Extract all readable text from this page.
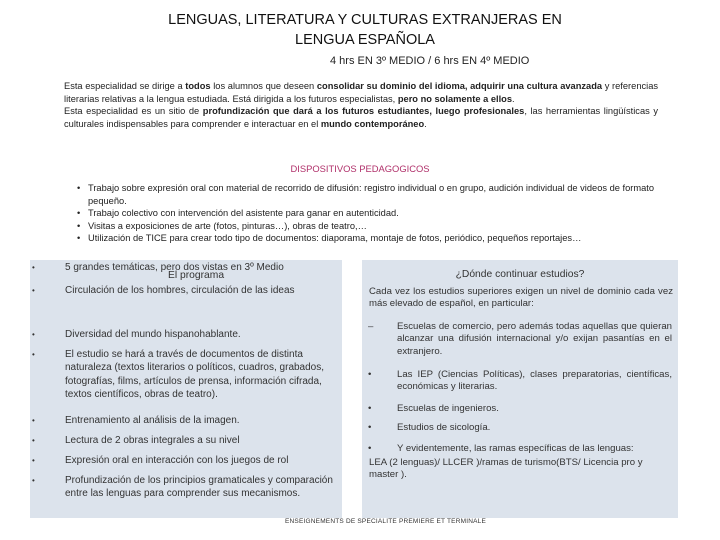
LENGUAS, LITERATURA Y CULTURAS EXTRANJERAS EN
LENGUA ESPAÑOLA
4 hrs EN 3º MEDIO / 6 hrs EN 4º MEDIO

Esta especialidad se dirige a todos los alumnos que deseen consolidar su dominio del idioma, adquirir una cultura avanzada y referencias literarias relativas a la lengua estudiada. Está dirigida a los futuros especialistas, pero no solamente a ellos.

Esta especialidad es un sitio de profundización que dará a los futuros estudiantes, luego profesionales, las herramientas lingüísticas y culturales indispensables para comprender e interactuar en el mundo contemporáneo.

DISPOSITIVOS PEDAGOGICOS
• Trabajo sobre expresión oral con material de recorrido de difusión: registro individual o en grupo, audición individual de videos de formato pequeño.
• Trabajo colectivo con intervención del asistente para ganar en autenticidad.
• Visitas a exposiciones de arte (fotos, pinturas…), obras de teatro,…
• Utilización de TICE para crear todo tipo de documentos: diaporama, montaje de fotos, periódico, pequeños reportajes…
El programa
•	5 grandes temáticas, pero dos vistas en 3º Medio
•	Circulación de los hombres, circulación de las ideas
•	Diversidad del mundo hispanohablante.
•	El estudio se hará a través de documentos de distinta naturaleza (textos literarios o políticos, cuadros, grabados, fotografías, films, artículos de prensa, información cifrada, textos científicos, obras de teatro).
•	Entrenamiento al análisis de la imagen.
•	Lectura de 2 obras integrales a su nivel
•	Expresión oral en interacción con los juegos de rol
•	Profundización de los principios gramaticales y comparación entre las lenguas para comprender sus mecanismos.
¿Dónde continuar estudios?
Cada vez los estudios superiores exigen un nivel de dominio cada vez más elevado de español, en particular:
– Escuelas de comercio, pero además todas aquellas que quieran alcanzar una difusión internacional y/o exijan pasantías en el extranjero.
•	Las IEP (Ciencias Políticas), clases preparatorias, científicas, económicas y literarias.
•	Escuelas de ingenieros.
•	Estudios de sicología.
•	Y evidentemente, las ramas específicas de las lenguas:
LEA (2 lenguas)/ LLCER )/ramas de turismo(BTS/ Licencia pro y master ).
ENSEIGNEMENTS DE SPECIALITE PREMIERE ET TERMINALE
